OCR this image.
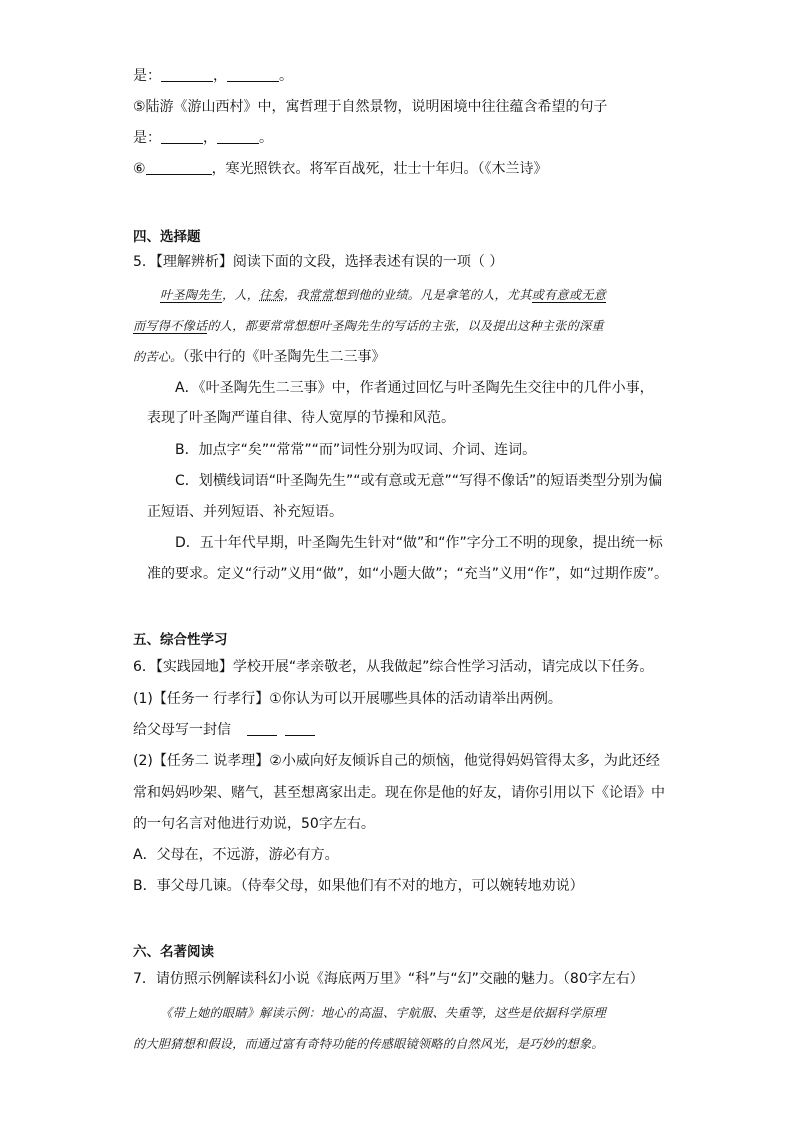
是：	，	。
⑤陆游《游山西村》中，寓哲理于自然景物，说明困境中往往蕴含希望的句子
是：	，	。
⑥	，寒光照铁衣。将军百战死，壮士十年归。（《木兰诗》
四、选择题
5．【理解辨析】阅读下面的文段，选择表述有误的一项（ ）
叶圣陶先生，人，往矣，我常常想到他的业绩。凡是拿笔的人，尤其或有意或无意
而写得不像话的人，都要常常想想叶圣陶先生的写话的主张，以及提出这种主张的深重
的苦心。（张中行的《叶圣陶先生二三事》
A．《叶圣陶先生二三事》中，作者通过回忆与叶圣陶先生交往中的几件小事，
表现了叶圣陶严谨自律、待人宽厚的节操和风范。
B．加点字“矣”“常常”“而”词性分别为叹词、介词、连词。
C．划横线词语“叶圣陶先生”“或有意或无意”“写得不像话”的短语类型分别为偏
正短语、并列短语、补充短语。
D．五十年代早期，叶圣陶先生针对“做”和“作”字分工不明的现象，提出统一标
准的要求。定义“行动”义用“做”，如“小题大做”；“充当”义用“作”，如“过期作废”。
五、综合性学习
6．【实践园地】学校开展“孝亲敬老，从我做起”综合性学习活动，请完成以下任务。
(1)【任务一 行孝行】①你认为可以开展哪些具体的活动请举出两例。
给父母写一封信
(2)【任务二 说孝理】②小威向好友倾诉自己的烦恼，他觉得妈妈管得太多，为此还经
常和妈妈吵架、赌气，甚至想离家出走。现在你是他的好友，请你引用以下《论语》中
的一句名言对他进行劝说，50字左右。
A．父母在，不远游，游必有方。
B．事父母几谏。（侍奉父母，如果他们有不对的地方，可以婉转地劝说）
六、名著阅读
7．请仿照示例解读科幻小说《海底两万里》“科”与“幻”交融的魅力。（80字左右）
《带上她的眼睛》解读示例：地心的高温、宇航服、失重等，这些是依据科学原理
的大胆猜想和假设，而通过富有奇特功能的传感眼镜领略的自然风光，是巧妙的想象。
